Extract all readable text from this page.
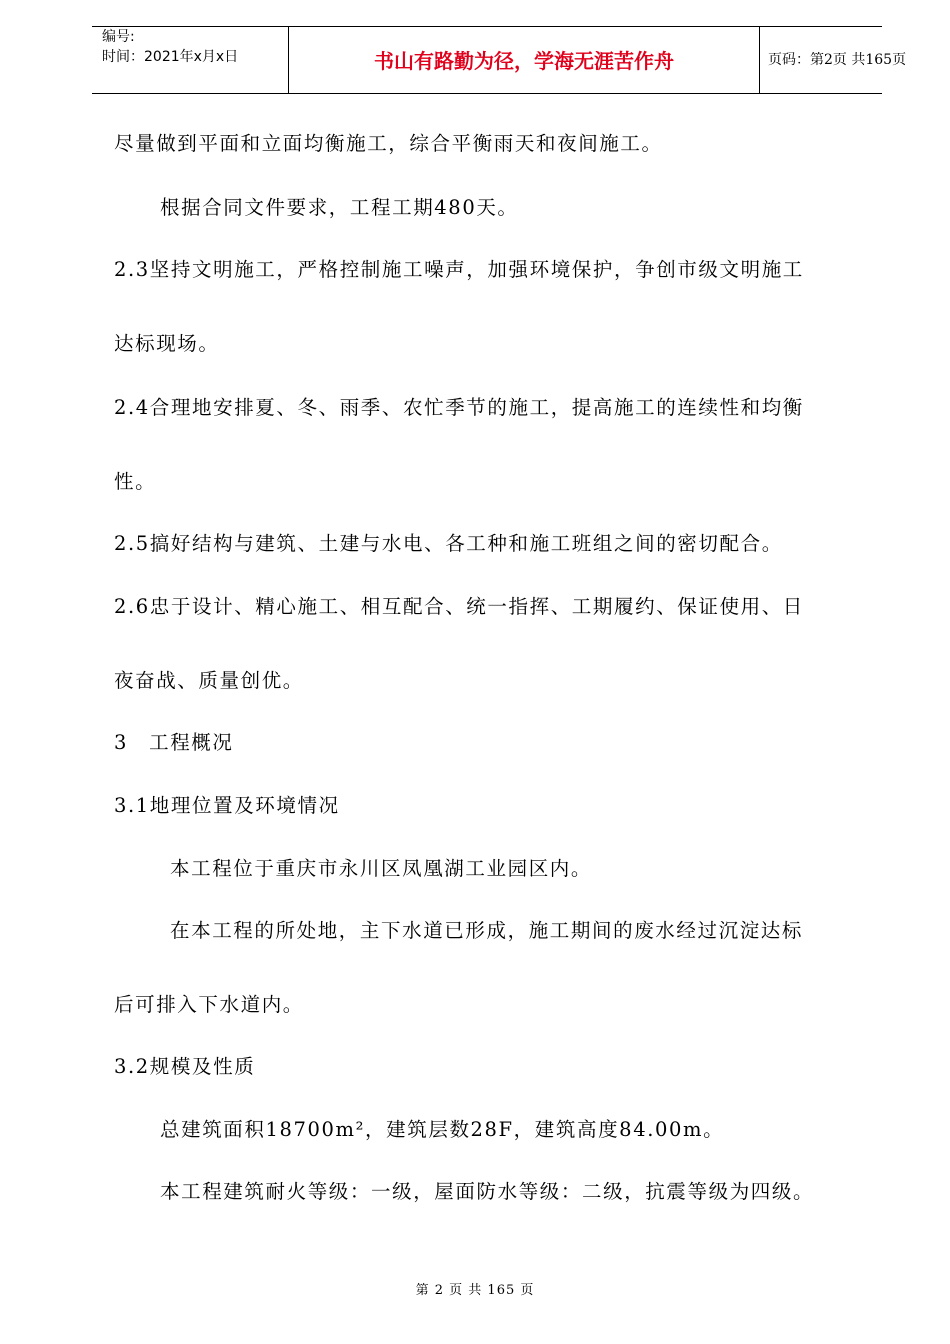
编号:
时间：2021年x月x日	书山有路勤为径，学海无涯苦作舟	页码：第2页 共165页
尽量做到平面和立面均衡施工，综合平衡雨天和夜间施工。
根据合同文件要求，工程工期480天。
2.3坚持文明施工，严格控制施工噪声，加强环境保护，争创市级文明施工
达标现场。
2.4合理地安排夏、冬、雨季、农忙季节的施工，提高施工的连续性和均衡
性。
2.5搞好结构与建筑、土建与水电、各工种和施工班组之间的密切配合。
2.6忠于设计、精心施工、相互配合、统一指挥、工期履约、保证使用、日
夜奋战、质量创优。
3　工程概况
3.1地理位置及环境情况
本工程位于重庆市永川区凤凰湖工业园区内。
在本工程的所处地，主下水道已形成，施工期间的废水经过沉淀达标
后可排入下水道内。
3.2规模及性质
总建筑面积18700m²，建筑层数28F，建筑高度84.00m。
本工程建筑耐火等级：一级，屋面防水等级：二级，抗震等级为四级。
第 2 页 共 165 页
